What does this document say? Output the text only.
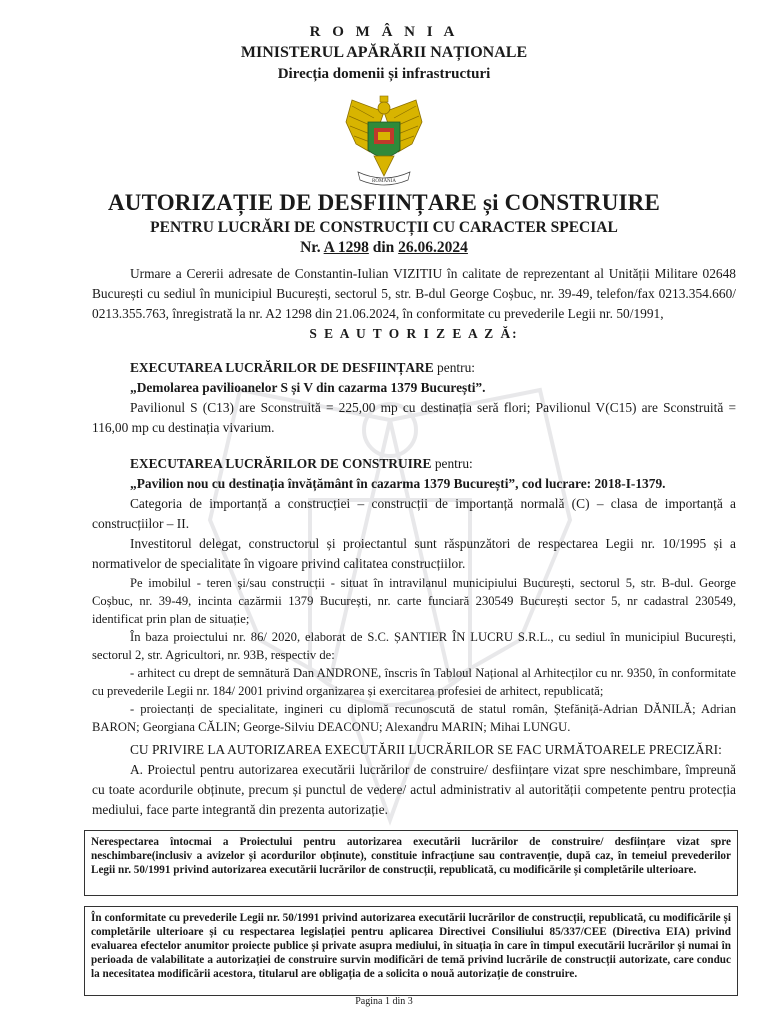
R O M Â N I A
MINISTERUL APĂRĂRII NAȚIONALE
Direcția domenii și infrastructuri
ROMÂNIA
AUTORIZAȚIE DE DESFIINȚARE și CONSTRUIRE
PENTRU LUCRĂRI DE CONSTRUCȚII CU CARACTER SPECIAL
Nr. A 1298 din 26.06.2024

Urmare a Cererii adresate de Constantin-Iulian VIZITIU în calitate de reprezentant al Unității Militare 02648 București cu sediul în municipiul București, sectorul 5, str. B-dul George Coșbuc, nr. 39-49, telefon/fax 0213.354.660/ 0213.355.763, înregistrată la nr. A2 1298 din 21.06.2024, în conformitate cu prevederile Legii nr. 50/1991,

S E A U T O R I Z E A Z Ă:

EXECUTAREA LUCRĂRILOR DE DESFIINȚARE pentru:

„Demolarea pavilioanelor S și V din cazarma 1379 București”.

Pavilionul S (C13) are Sconstruită = 225,00 mp cu destinația seră flori; Pavilionul V(C15) are Sconstruită = 116,00 mp cu destinația vivarium.

EXECUTAREA LUCRĂRILOR DE CONSTRUIRE pentru:

„Pavilion nou cu destinația învățământ în cazarma 1379 București”, cod lucrare: 2018-I-1379.

Categoria de importanță a construcției – construcții de importanță normală (C) – clasa de importanță a construcțiilor – II.

Investitorul delegat, constructorul și proiectantul sunt răspunzători de respectarea Legii nr. 10/1995 și a normativelor de specialitate în vigoare privind calitatea construcțiilor.

Pe imobilul - teren și/sau construcții - situat în intravilanul municipiului București, sectorul 5, str. B-dul. George Coșbuc, nr. 39-49, incinta cazărmii 1379 București, nr. carte funciară 230549 București sector 5, nr cadastral 230549, identificat prin plan de situație;

În baza proiectului nr. 86/ 2020, elaborat de S.C. ȘANTIER ÎN LUCRU S.R.L., cu sediul în municipiul București, sectorul 2, str. Agricultori, nr. 93B, respectiv de:

- arhitect cu drept de semnătură Dan ANDRONE, înscris în Tabloul Național al Arhitecților cu nr. 9350, în conformitate cu prevederile Legii nr. 184/ 2001 privind organizarea și exercitarea profesiei de arhitect, republicată;

- proiectanți de specialitate, ingineri cu diplomă recunoscută de statul român, Ștefăniță-Adrian DĂNILĂ; Adrian BARON; Georgiana CĂLIN; George-Silviu DEACONU; Alexandru MARIN; Mihai LUNGU.

CU PRIVIRE LA AUTORIZAREA EXECUTĂRII LUCRĂRILOR SE FAC URMĂTOARELE PRECIZĂRI:

A. Proiectul pentru autorizarea executării lucrărilor de construire/ desființare vizat spre neschimbare, împreună cu toate acordurile obținute, precum și punctul de vedere/ actul administrativ al autorității competente pentru protecția mediului, face parte integrantă din prezenta autorizație.

Nerespectarea întocmai a Proiectului pentru autorizarea executării lucrărilor de construire/ desființare vizat spre neschimbare(inclusiv a avizelor și acordurilor obținute), constituie infracțiune sau contravenție, după caz, în temeiul prevederilor Legii nr. 50/1991 privind autorizarea executării lucrărilor de construcții, republicată, cu modificările și completările ulterioare.

În conformitate cu prevederile Legii nr. 50/1991 privind autorizarea executării lucrărilor de construcții, republicată, cu modificările și completările ulterioare și cu respectarea legislației pentru aplicarea Directivei Consiliului 85/337/CEE (Directiva EIA) privind evaluarea efectelor anumitor proiecte publice și private asupra mediului, în situația în care în timpul executării lucrărilor și numai în perioada de valabilitate a autorizației de construire survin modificări de temă privind lucrările de construcții autorizate, care conduc la necesitatea modificării acestora, titularul are obligația de a solicita o nouă autorizație de construire.

Pagina 1 din 3
